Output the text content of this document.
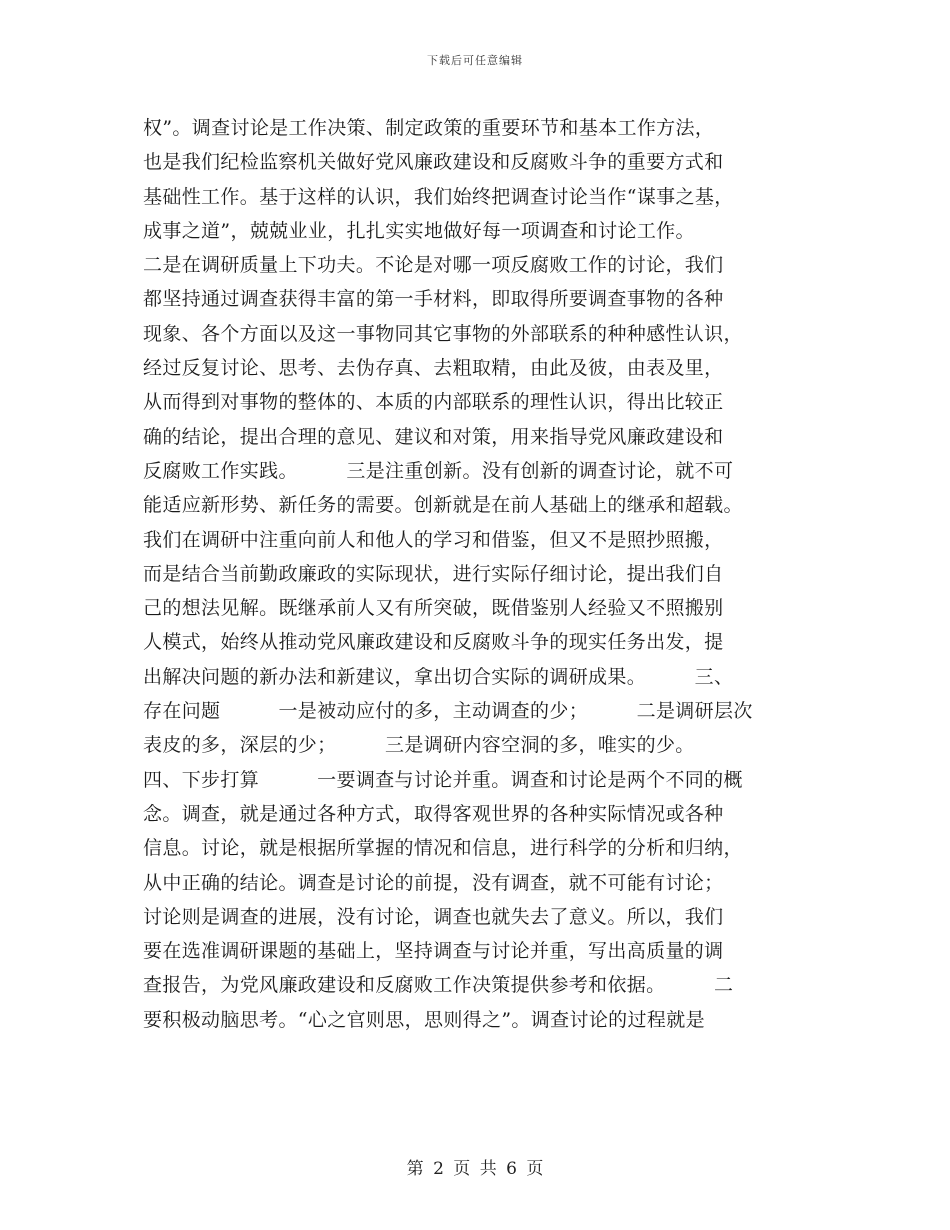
下载后可任意编辑
权”。调查讨论是工作决策、制定政策的重要环节和基本工作方法，
也是我们纪检监察机关做好党风廉政建设和反腐败斗争的重要方式和
基础性工作。基于这样的认识，我们始终把调查讨论当作“谋事之基，
成事之道”，兢兢业业，扎扎实实地做好每一项调查和讨论工作。
二是在调研质量上下功夫。不论是对哪一项反腐败工作的讨论，我们
都坚持通过调查获得丰富的第一手材料，即取得所要调查事物的各种
现象、各个方面以及这一事物同其它事物的外部联系的种种感性认识，
经过反复讨论、思考、去伪存真、去粗取精，由此及彼，由表及里，
从而得到对事物的整体的、本质的内部联系的理性认识，得出比较正
确的结论，提出合理的意见、建议和对策，用来指导党风廉政建设和
反腐败工作实践。　　　三是注重创新。没有创新的调查讨论，就不可
能适应新形势、新任务的需要。创新就是在前人基础上的继承和超载。
我们在调研中注重向前人和他人的学习和借鉴，但又不是照抄照搬，
而是结合当前勤政廉政的实际现状，进行实际仔细讨论，提出我们自
己的想法见解。既继承前人又有所突破，既借鉴别人经验又不照搬别
人模式，始终从推动党风廉政建设和反腐败斗争的现实任务出发，提
出解决问题的新办法和新建议，拿出切合实际的调研成果。　　　三、
存在问题　　　一是被动应付的多，主动调查的少；　　　二是调研层次
表皮的多，深层的少；　　　三是调研内容空洞的多，唯实的少。
四、下步打算　　　一要调查与讨论并重。调查和讨论是两个不同的概
念。调查，就是通过各种方式，取得客观世界的各种实际情况或各种
信息。讨论，就是根据所掌握的情况和信息，进行科学的分析和归纳，
从中正确的结论。调查是讨论的前提，没有调查，就不可能有讨论；
讨论则是调查的进展，没有讨论，调查也就失去了意义。所以，我们
要在选准调研课题的基础上，坚持调查与讨论并重，写出高质量的调
查报告，为党风廉政建设和反腐败工作决策提供参考和依据。　　　二
要积极动脑思考。“心之官则思，思则得之”。调查讨论的过程就是
第 2 页 共 6 页
